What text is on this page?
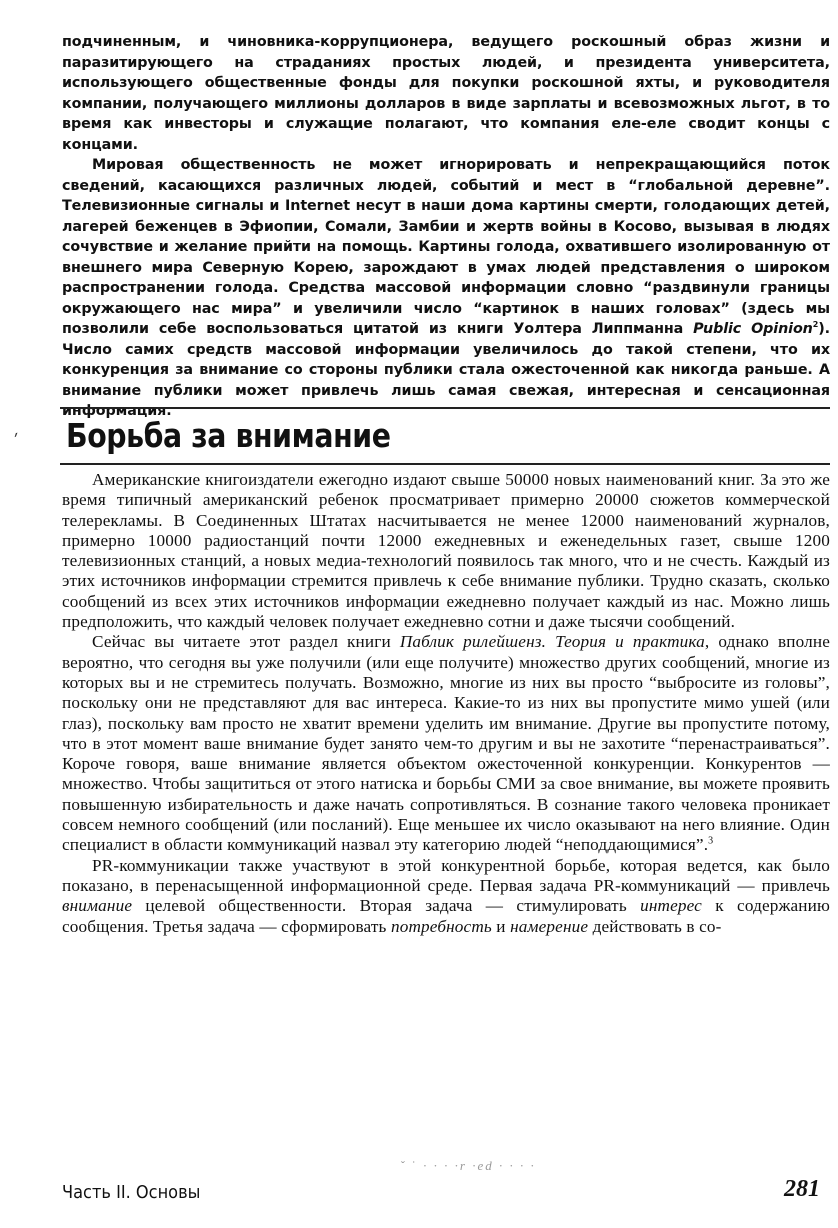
подчиненным, и чиновника-коррупционера, ведущего роскошный образ жизни и паразитирующего на страданиях простых людей, и президента университета, использующего общественные фонды для покупки роскошной яхты, и руководителя компании, получающего миллионы долларов в виде зарплаты и всевозможных льгот, в то время как инвесторы и служащие полагают, что компания еле-еле сводит концы с концами.

Мировая общественность не может игнорировать и непрекращающийся поток сведений, касающихся различных людей, событий и мест в “глобальной деревне”. Телевизионные сигналы и Internet несут в наши дома картины смерти, голодающих детей, лагерей беженцев в Эфиопии, Сомали, Замбии и жертв войны в Косово, вызывая в людях сочувствие и желание прийти на помощь. Картины голода, охватившего изолированную от внешнего мира Северную Корею, зарождают в умах людей представления о широком распространении голода. Средства массовой информации словно “раздвинули границы окружающего нас мира” и увеличили число “картинок в наших головах” (здесь мы позволили себе воспользоваться цитатой из книги Уолтера Липпманна Public Opinion$^2$). Число самих средств массовой информации увеличилось до такой степени, что их конкуренция за внимание со стороны публики стала ожесточенной как никогда раньше. А внимание публики может привлечь лишь самая свежая, интересная и сенсационная информация.

ˏ Борьба за внимание

Американские книгоиздатели ежегодно издают свыше 50000 новых наименований книг. За это же время типичный американский ребенок просматривает примерно 20000 сюжетов коммерческой телерекламы. В Соединенных Штатах насчитывается не менее 12000 наименований журналов, примерно 10000 радиостанций почти 12000 ежедневных и еженедельных газет, свыше 1200 телевизионных станций, а новых медиа-технологий появилось так много, что и не счесть. Каждый из этих источников информации стремится привлечь к себе внимание публики. Трудно сказать, сколько сообщений из всех этих источников информации ежедневно получает каждый из нас. Можно лишь предположить, что каждый человек получает ежедневно сотни и даже тысячи сообщений.

Сейчас вы читаете этот раздел книги Паблик рилейшенз. Теория и практика, однако вполне вероятно, что сегодня вы уже получили (или еще получите) множество других сообщений, многие из которых вы и не стремитесь получать. Возможно, многие из них вы просто “выбросите из головы”, поскольку они не представляют для вас интереса. Какие-то из них вы пропустите мимо ушей (или глаз), поскольку вам просто не хватит времени уделить им внимание. Другие вы пропустите потому, что в этот момент ваше внимание будет занято чем-то другим и вы не захотите “перенастраиваться”. Короче говоря, ваше внимание является объектом ожесточенной конкуренции. Конкурентов — множество. Чтобы защититься от этого натиска и борьбы СМИ за свое внимание, вы можете проявить повышенную избирательность и даже начать сопротивляться. В сознание такого человека проникает совсем немного сообщений (или посланий). Еще меньшее их число оказывают на него влияние. Один специалист в области коммуникаций назвал эту категорию людей “неподдающимися”.$^3$

PR-коммуникации также участвуют в этой конкурентной борьбе, которая ведется, как было показано, в перенасыщенной информационной среде. Первая задача PR-коммуникаций — привлечь внимание целевой общественности. Вторая задача — стимулировать интерес к содержанию сообщения. Третья задача — сформировать потребность и намерение действовать в со-

ˇ ˈ · · · ·r ·ed · · · ·
Часть II. Основы	281
